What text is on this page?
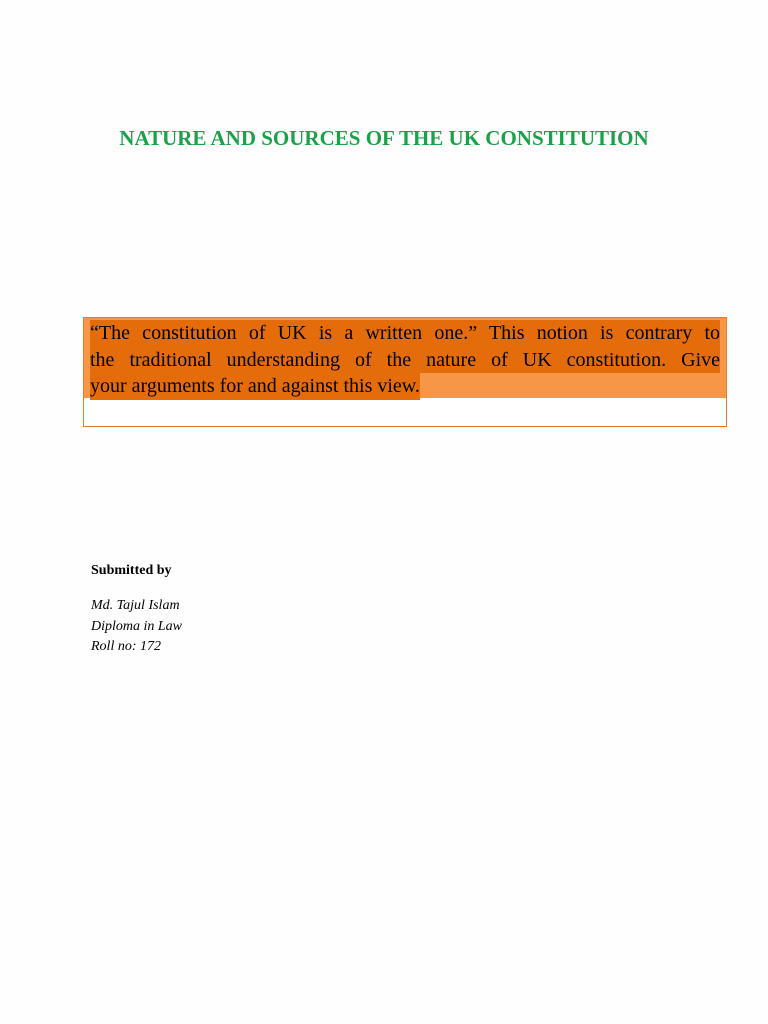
NATURE AND SOURCES OF THE UK CONSTITUTION
“The constitution of UK is a written one.” This notion is contrary to
the traditional understanding of the nature of UK constitution. Give
your arguments for and against this view.
Submitted by
Md. Tajul Islam
Diploma in Law
Roll no: 172
